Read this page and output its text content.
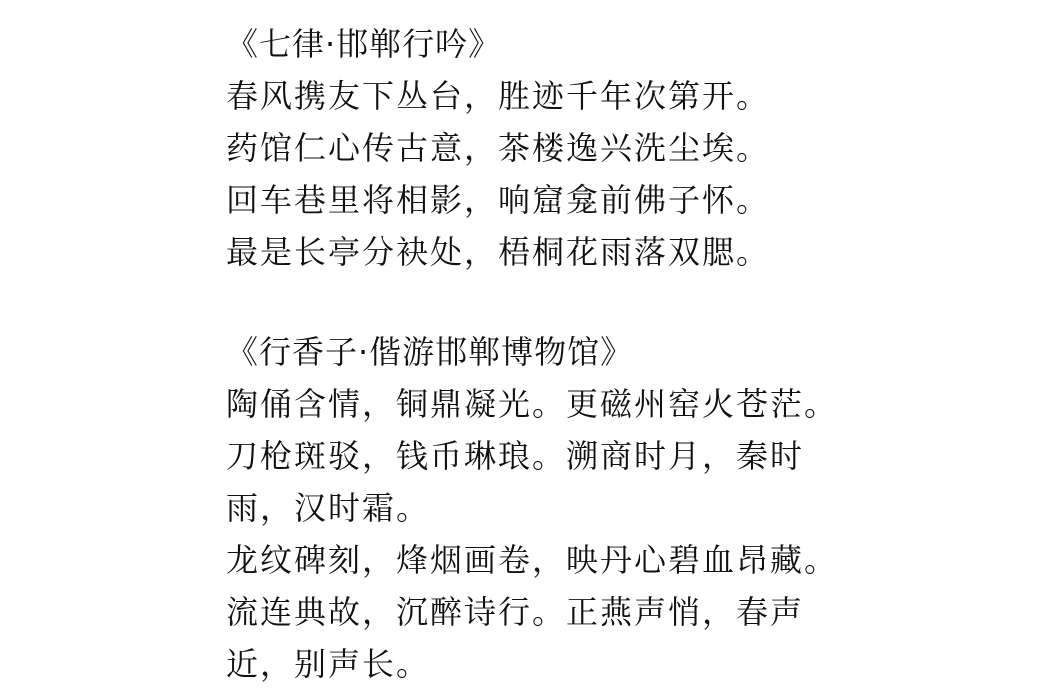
《七律·邯郸行吟》
春风携友下丛台，胜迹千年次第开。
药馆仁心传古意，茶楼逸兴洗尘埃。
回车巷里将相影，响窟龛前佛子怀。
最是长亭分袂处，梧桐花雨落双腮。
《行香子·偕游邯郸博物馆》
陶俑含情，铜鼎凝光。更磁州窑火苍茫。
刀枪斑驳，钱币琳琅。溯商时月，秦时
雨，汉时霜。
龙纹碑刻，烽烟画卷，映丹心碧血昂藏。
流连典故，沉醉诗行。正燕声悄，春声
近，别声长。
